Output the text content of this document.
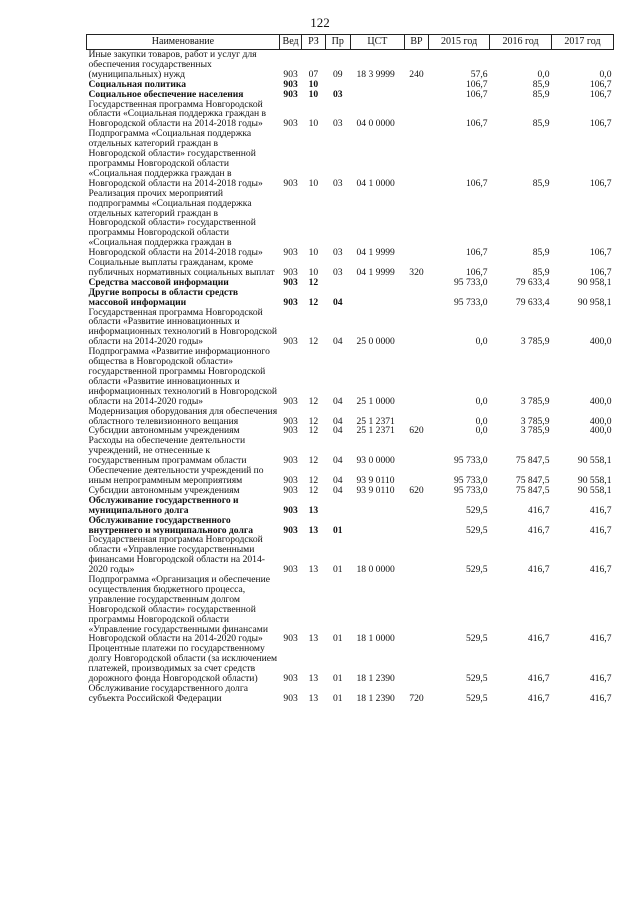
122
Наименование	Вед	РЗ	Пр	ЦСТ	ВР	2015 год	2016 год	2017 год
Иные закупки товаров, работ и услуг для обеспечения государственных (муниципальных) нужд	903	07	09	18 3 9999	240	57,6	0,0	0,0
Социальная политика	903	10				106,7	85,9	106,7
Социальное обеспечение населения	903	10	03			106,7	85,9	106,7
Государственная программа Новгородской области «Социальная поддержка граждан в Новгородской области на 2014-2018 годы»	903	10	03	04 0 0000		106,7	85,9	106,7
Подпрограмма «Социальная поддержка отдельных категорий граждан в Новгородской области» государственной программы Новгородской области «Социальная поддержка граждан в Новгородской области на 2014-2018 годы»	903	10	03	04 1 0000		106,7	85,9	106,7
Реализация прочих мероприятий подпрограммы «Социальная поддержка отдельных категорий граждан в Новгородской области» государственной программы Новгородской области «Социальная поддержка граждан в Новгородской области на 2014-2018 годы»	903	10	03	04 1 9999		106,7	85,9	106,7
Социальные выплаты гражданам, кроме публичных нормативных социальных выплат	903	10	03	04 1 9999	320	106,7	85,9	106,7
Средства массовой информации	903	12				95 733,0	79 633,4	90 958,1
Другие вопросы в области средств массовой информации	903	12	04			95 733,0	79 633,4	90 958,1
Государственная программа Новгородской области «Развитие инновационных и информационных технологий в Новгородской области на 2014-2020 годы»	903	12	04	25 0 0000		0,0	3 785,9	400,0
Подпрограмма «Развитие информационного общества в Новгородской области» государственной программы Новгородской области «Развитие инновационных и информационных технологий в Новгородской области на 2014-2020 годы»	903	12	04	25 1 0000		0,0	3 785,9	400,0
Модернизация оборудования для обеспечения областного телевизионного вещания	903	12	04	25 1 2371		0,0	3 785,9	400,0
Субсидии автономным учреждениям	903	12	04	25 1 2371	620	0,0	3 785,9	400,0
Расходы на обеспечение деятельности учреждений, не отнесенные к государственным программам области	903	12	04	93 0 0000		95 733,0	75 847,5	90 558,1
Обеспечение деятельности учреждений по иным непрограммным мероприятиям	903	12	04	93 9 0110		95 733,0	75 847,5	90 558,1
Субсидии автономным учреждениям	903	12	04	93 9 0110	620	95 733,0	75 847,5	90 558,1
Обслуживание государственного и муниципального долга	903	13				529,5	416,7	416,7
Обслуживание государственного внутреннего и муниципального долга	903	13	01			529,5	416,7	416,7
Государственная программа Новгородской области «Управление государственными финансами Новгородской области на 2014-2020 годы»	903	13	01	18 0 0000		529,5	416,7	416,7
Подпрограмма «Организация и обеспечение осуществления бюджетного процесса, управление государственным долгом Новгородской области» государственной программы Новгородской области «Управление государственными финансами Новгородской области на 2014-2020 годы»	903	13	01	18 1 0000		529,5	416,7	416,7
Процентные платежи по государственному долгу Новгородской области (за исключением платежей, производимых за счет средств дорожного фонда Новгородской области)	903	13	01	18 1 2390		529,5	416,7	416,7
Обслуживание государственного долга субъекта Российской Федерации	903	13	01	18 1 2390	720	529,5	416,7	416,7
